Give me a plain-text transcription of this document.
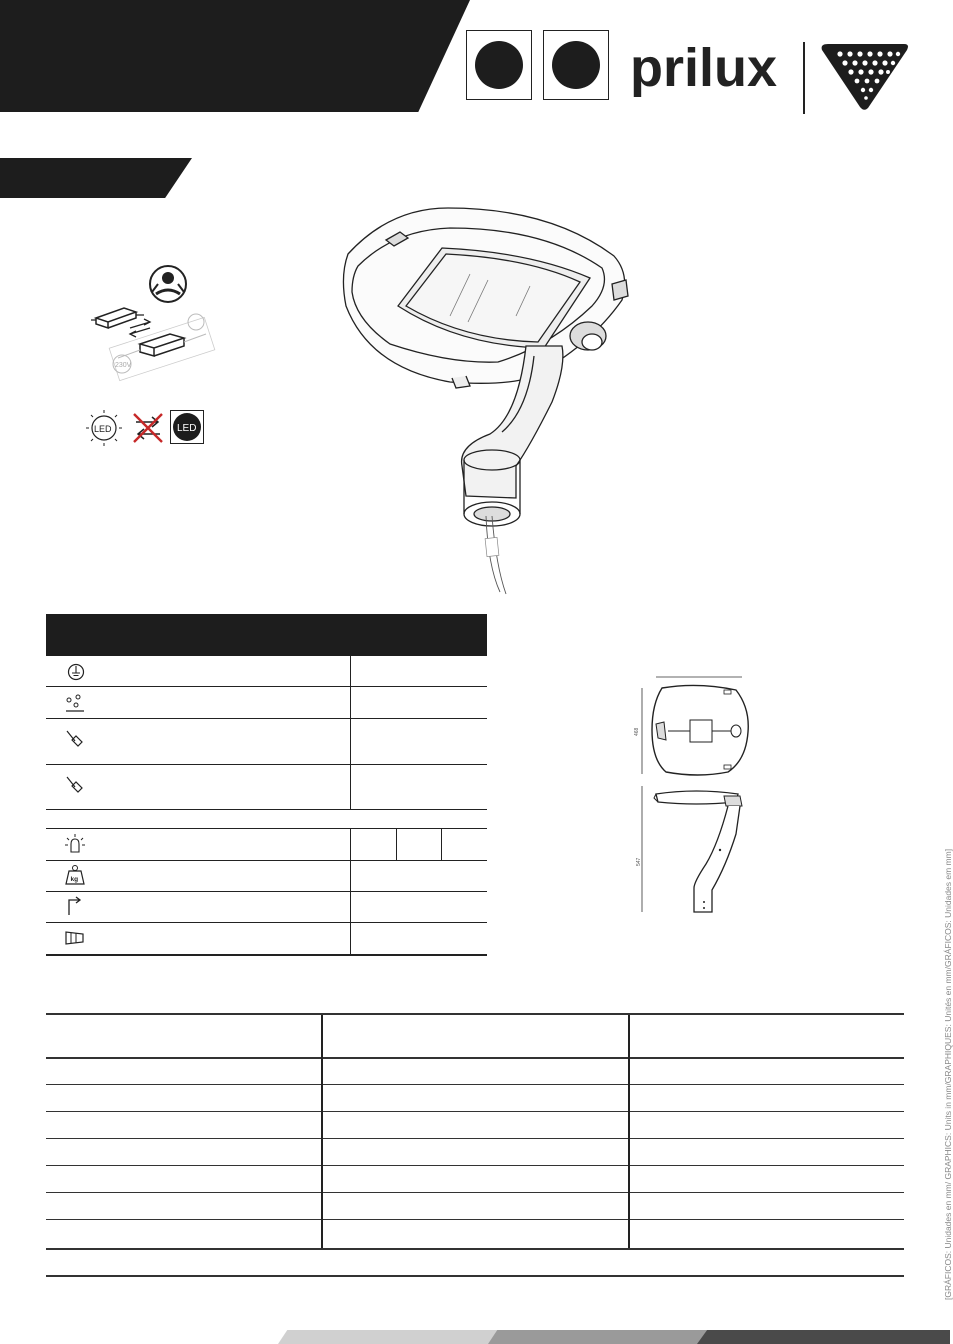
prilux
230V
LED	LED
kg
468
547	[GRÁFICOS: Unidades en mm/ GRAPHICS: Units in mm/GRAPHIQUES: Unités en mm/GRÁFICOS: Unidades em mm]
